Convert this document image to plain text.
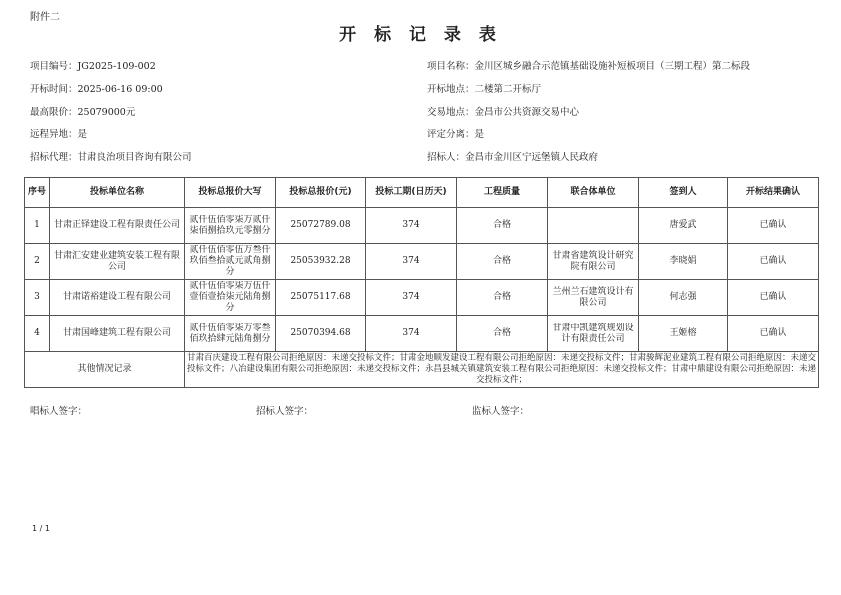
附件二
开 标 记 录 表
项目编号：JG2025-109-002	项目名称：金川区城乡融合示范镇基础设施补短板项目（三期工程）第二标段
开标时间：2025-06-16 09:00	开标地点：二楼第二开标厅
最高限价：25079000元	交易地点：金昌市公共资源交易中心
远程异地：是	评定分离：是
招标代理：甘肃良治项目咨询有限公司	招标人：金昌市金川区宁远堡镇人民政府
序号	投标单位名称	投标总报价大写	投标总报价(元)	投标工期(日历天)	工程质量	联合体单位	签到人	开标结果确认
1	甘肃正铎建设工程有限责任公司	贰仟伍佰零柒万贰仟柒佰捌拾玖元零捌分	25072789.08	374	合格		唐爱武	已确认
2	甘肃汇安建业建筑安装工程有限公司	贰仟伍佰零伍万叁仟玖佰叁拾贰元贰角捌分	25053932.28	374	合格	甘肃省建筑设计研究院有限公司	李晓娟	已确认
3	甘肃诺裕建设工程有限公司	贰仟伍佰零柒万伍仟壹佰壹拾柒元陆角捌分	25075117.68	374	合格	兰州兰石建筑设计有限公司	何志强	已确认
4	甘肃国峰建筑工程有限公司	贰仟伍佰零柒万零叁佰玖拾肆元陆角捌分	25070394.68	374	合格	甘肃中凯建筑规划设计有限责任公司	王姬榕	已确认
其他情况记录		甘肃百庆建设工程有限公司拒绝原因：未递交投标文件；甘肃金地顺发建设工程有限公司拒绝原因：未递交投标文件；甘肃骏辉泥业建筑工程有限公司拒绝原因：未递交投标文件；八冶建设集团有限公司拒绝原因：未递交投标文件；永昌县城关镇建筑安装工程有限公司拒绝原因：未递交投标文件；甘肃中鼎建设有限公司拒绝原因：未递交投标文件；						
唱标人签字：	招标人签字：	监标人签字：
1 / 1
